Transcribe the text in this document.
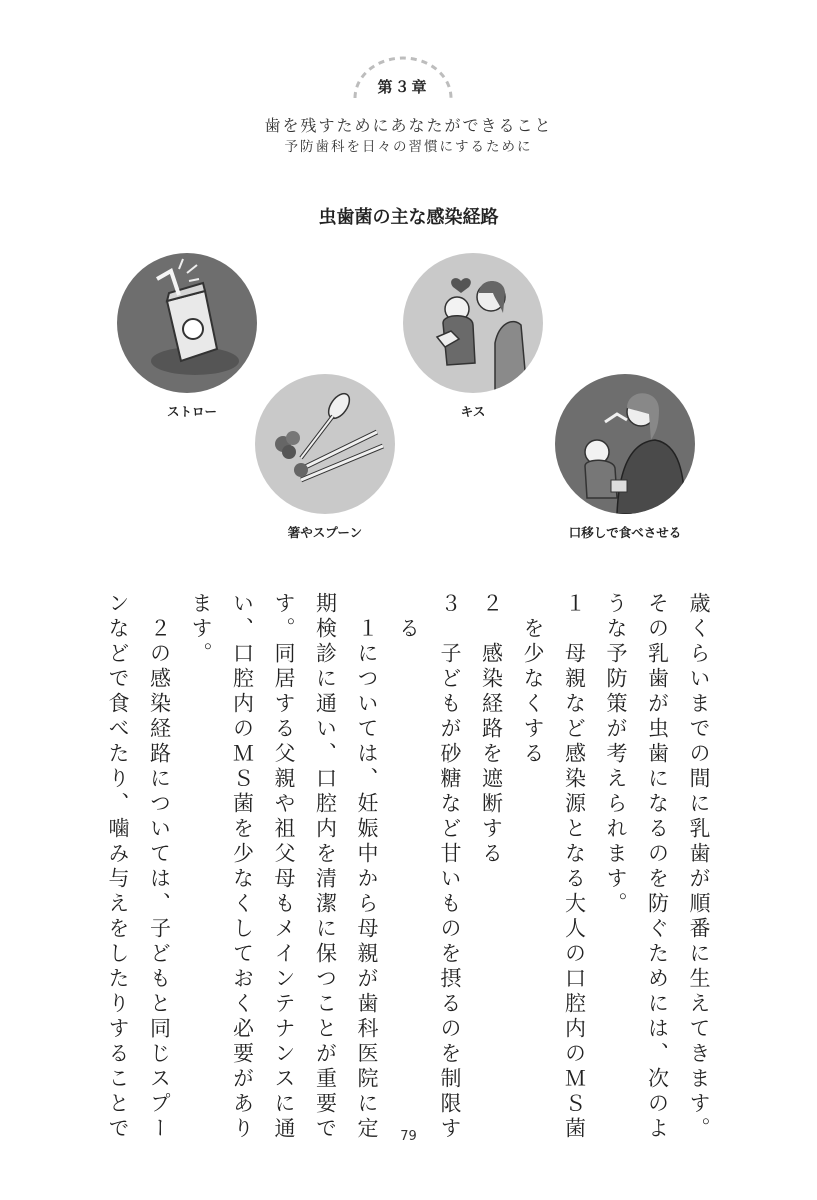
第３章
歯を残すためにあなたができること
予防歯科を日々の習慣にするために
虫歯菌の主な感染経路
ストロー	キス
箸やスプーン	口移しで食べさせる
歳くらいまでの間に乳歯が順番に生えてきます。
その乳歯が虫歯になるのを防ぐためには、次のよ
うな予防策が考えられます。
１　母親など感染源となる大人の口腔内のＭＳ菌
　を少なくする
２　感染経路を遮断する
３　子どもが砂糖など甘いものを摂るのを制限す
　る
　１については、妊娠中から母親が歯科医院に定
期検診に通い、口腔内を清潔に保つことが重要で
す。同居する父親や祖父母もメインテナンスに通
い、口腔内のＭＳ菌を少なくしておく必要があり
ます。
　２の感染経路については、子どもと同じスプー
ンなどで食べたり、噛み与えをしたりすることで	79
